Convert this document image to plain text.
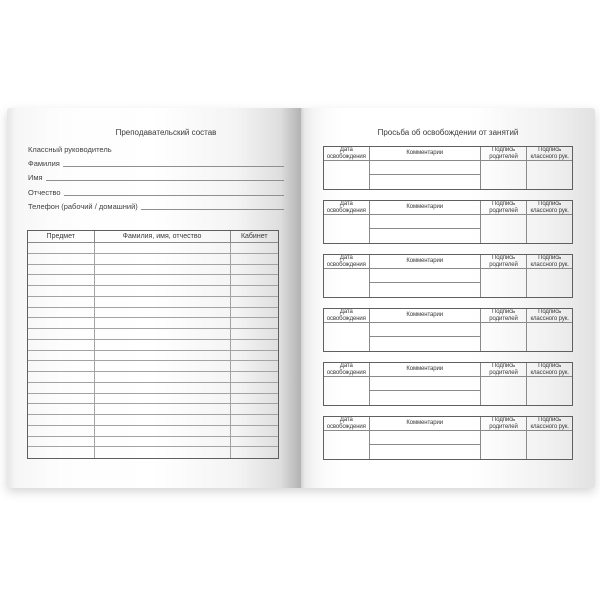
Преподавательский состав
Классный руководитель
Фамилия
Имя
Отчество
Телефон (рабочий / домашний)
Предмет	Фамилия, имя, отчество	Кабинет
Просьба об освобождении от занятий
Дата освобождения
Комментарии
Подпись родителей
Подпись классного рук.
Дата освобождения
Комментарии
Подпись родителей
Подпись классного рук.
Дата освобождения
Комментарии
Подпись родителей
Подпись классного рук.
Дата освобождения
Комментарии
Подпись родителей
Подпись классного рук.
Дата освобождения
Комментарии
Подпись родителей
Подпись классного рук.
Дата освобождения
Комментарии
Подпись родителей
Подпись классного рук.
